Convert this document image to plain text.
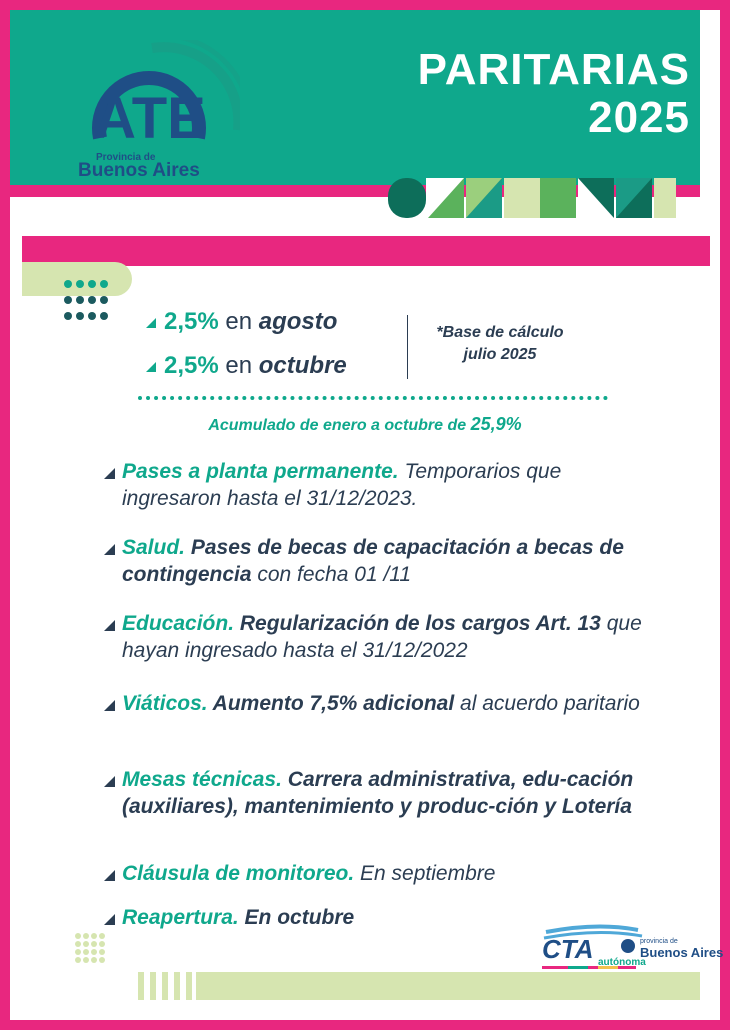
ATE
Provincia de
Buenos Aires
PARITARIAS
2025
2,5% en agosto
2,5% en octubre
*Base de cálculo
julio 2025
Acumulado de enero a octubre de 25,9%
Pases a planta permanente. Temporarios que ingresaron hasta el 31/12/2023.
Salud. Pases de becas de capacitación a becas de contingencia con fecha 01 /11
Educación. Regularización de los cargos Art. 13 que hayan ingresado hasta el 31/12/2022
Viáticos. Aumento 7,5% adicional al acuerdo paritario
Mesas técnicas. Carrera administrativa, edu-cación (auxiliares), mantenimiento y produc-ción y Lotería
Cláusula de monitoreo. En septiembre
Reapertura. En octubre
CTA	provincia de
Buenos Aires
autónoma
